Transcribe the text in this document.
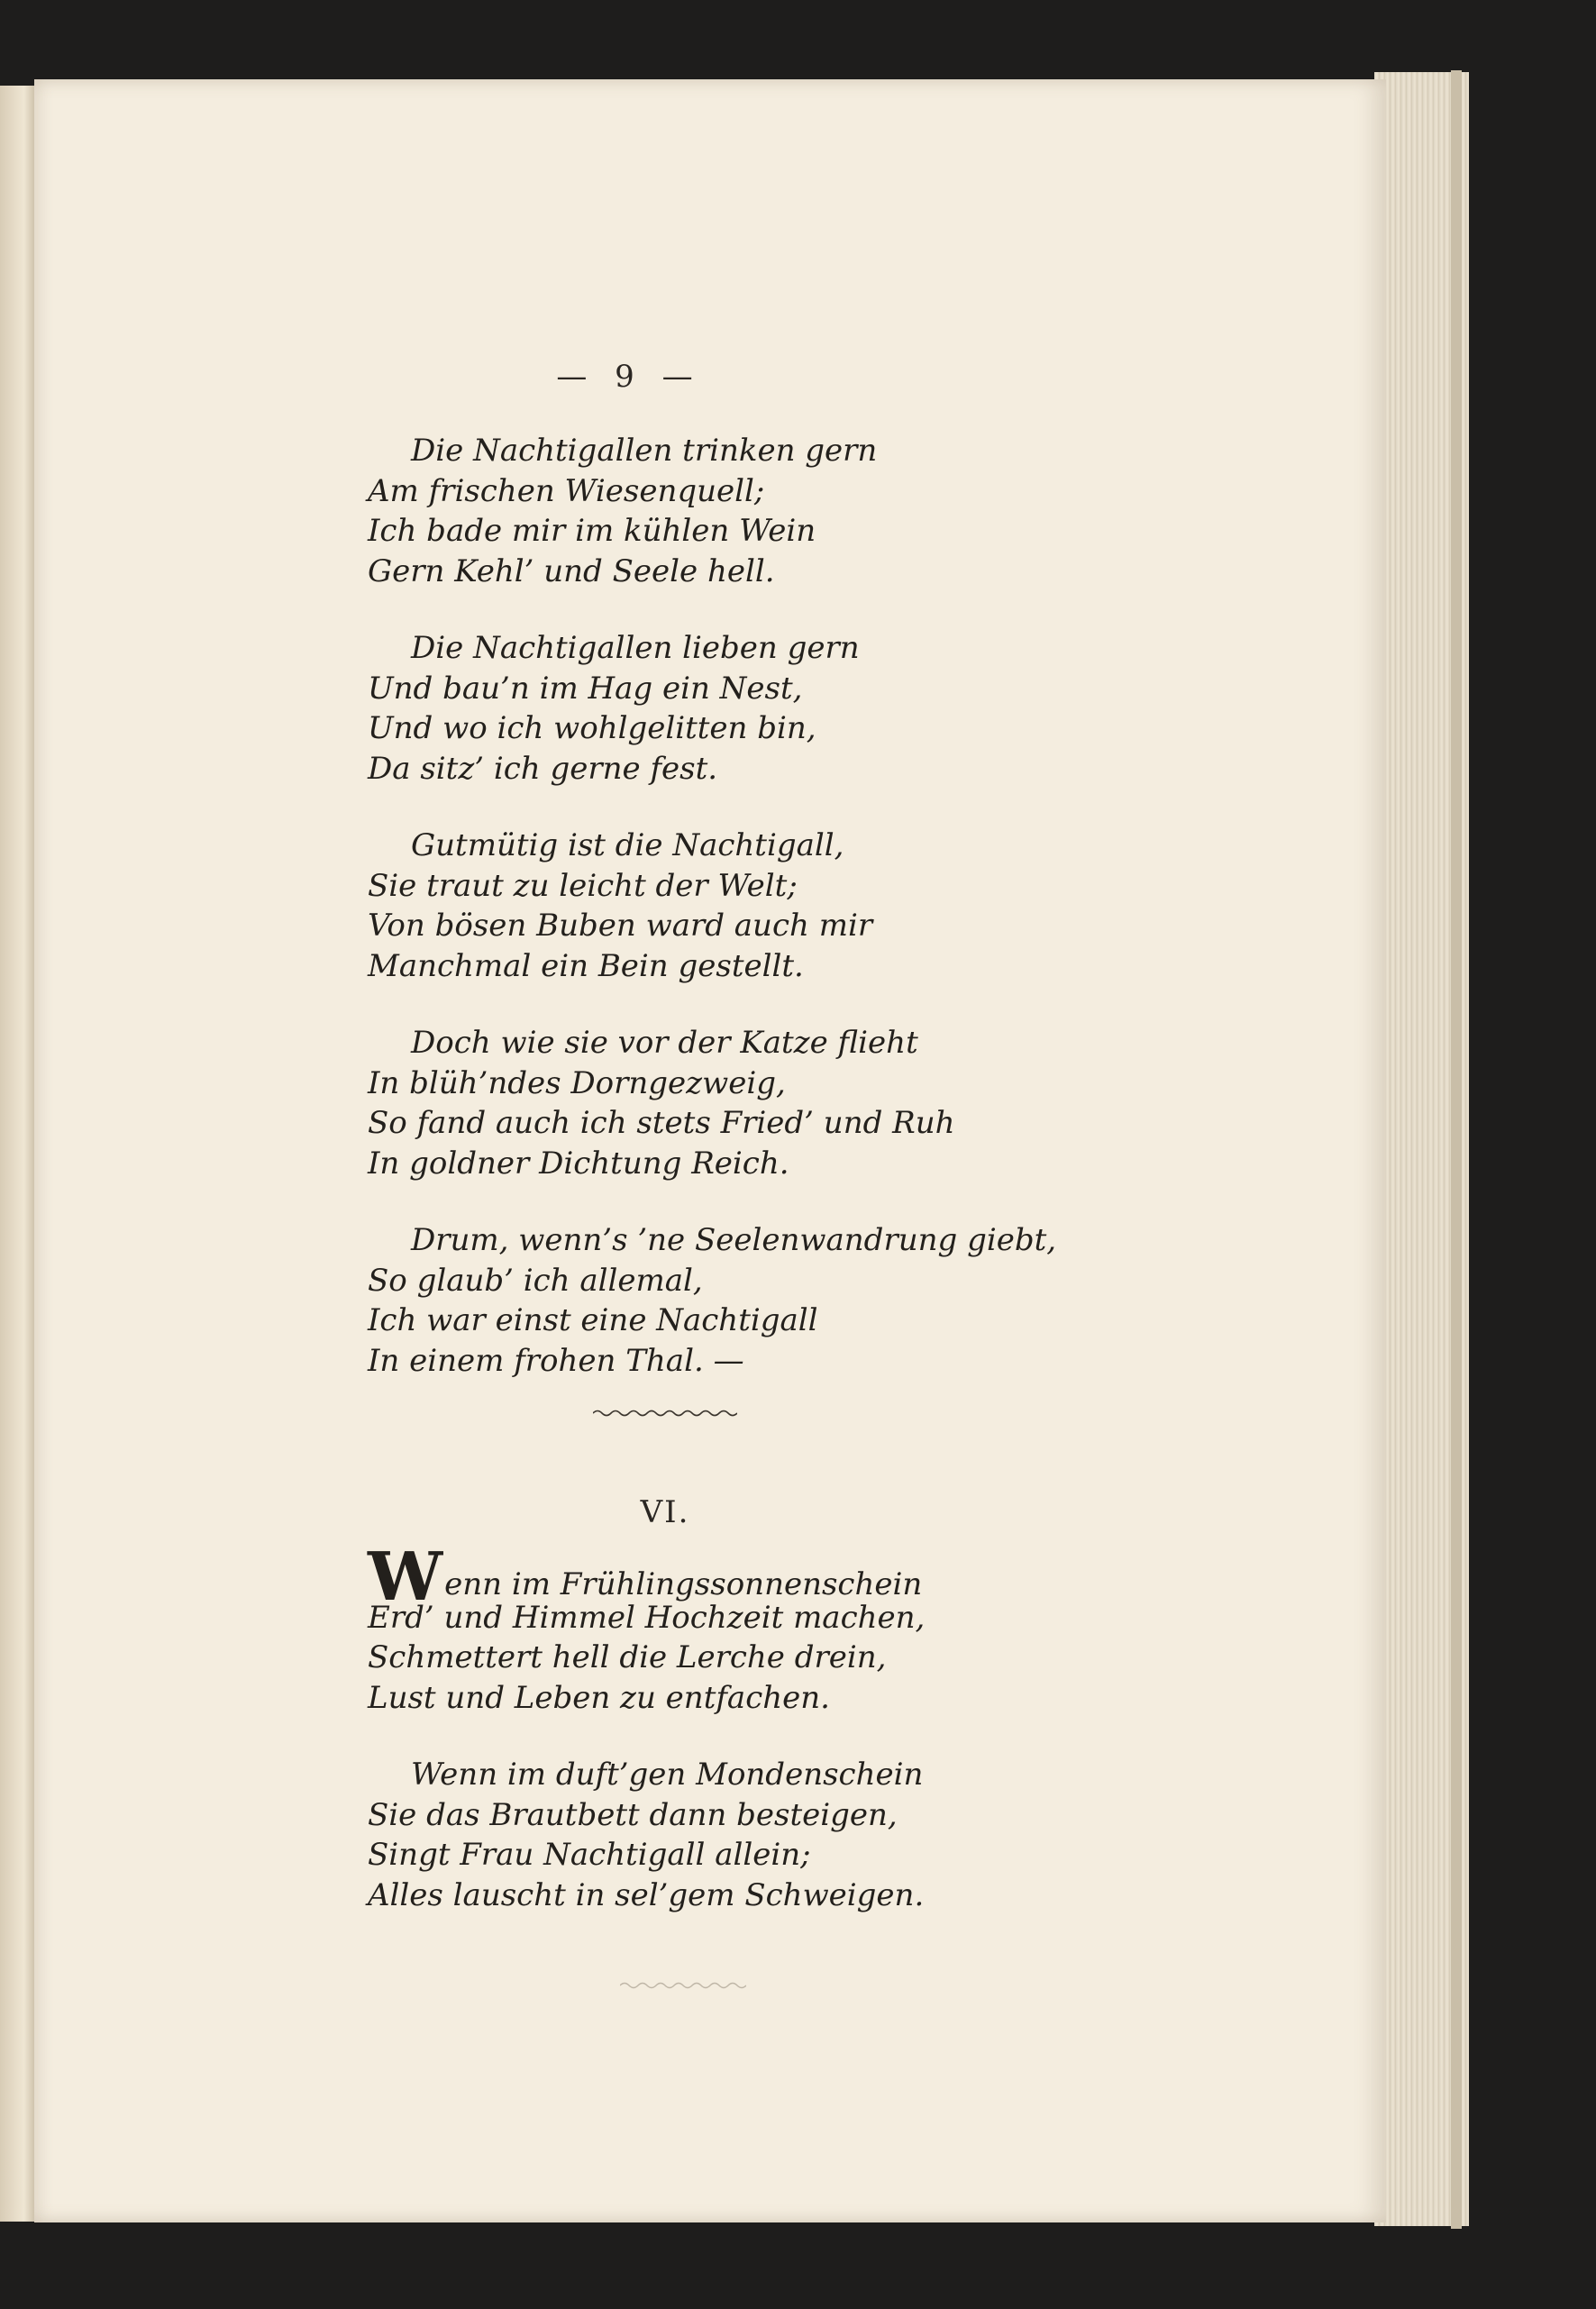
— 9 —
Die Nachtigallen trinken gern
Am frischen Wiesenquell;
Ich bade mir im kühlen Wein
Gern Kehl’ und Seele hell.
Die Nachtigallen lieben gern
Und bau’n im Hag ein Nest,
Und wo ich wohlgelitten bin,
Da sitz’ ich gerne fest.
Gutmütig ist die Nachtigall,
Sie traut zu leicht der Welt;
Von bösen Buben ward auch mir
Manchmal ein Bein gestellt.
Doch wie sie vor der Katze flieht
In blüh’ndes Dorngezweig,
So fand auch ich stets Fried’ und Ruh
In goldner Dichtung Reich.
Drum, wenn’s ’ne Seelenwandrung giebt,
So glaub’ ich allemal,
Ich war einst eine Nachtigall
In einem frohen Thal. —
VI.
Wenn im Frühlingssonnenschein
Erd’ und Himmel Hochzeit machen,
Schmettert hell die Lerche drein,
Lust und Leben zu entfachen.
Wenn im duft’gen Mondenschein
Sie das Brautbett dann besteigen,
Singt Frau Nachtigall allein;
Alles lauscht in sel’gem Schweigen.
